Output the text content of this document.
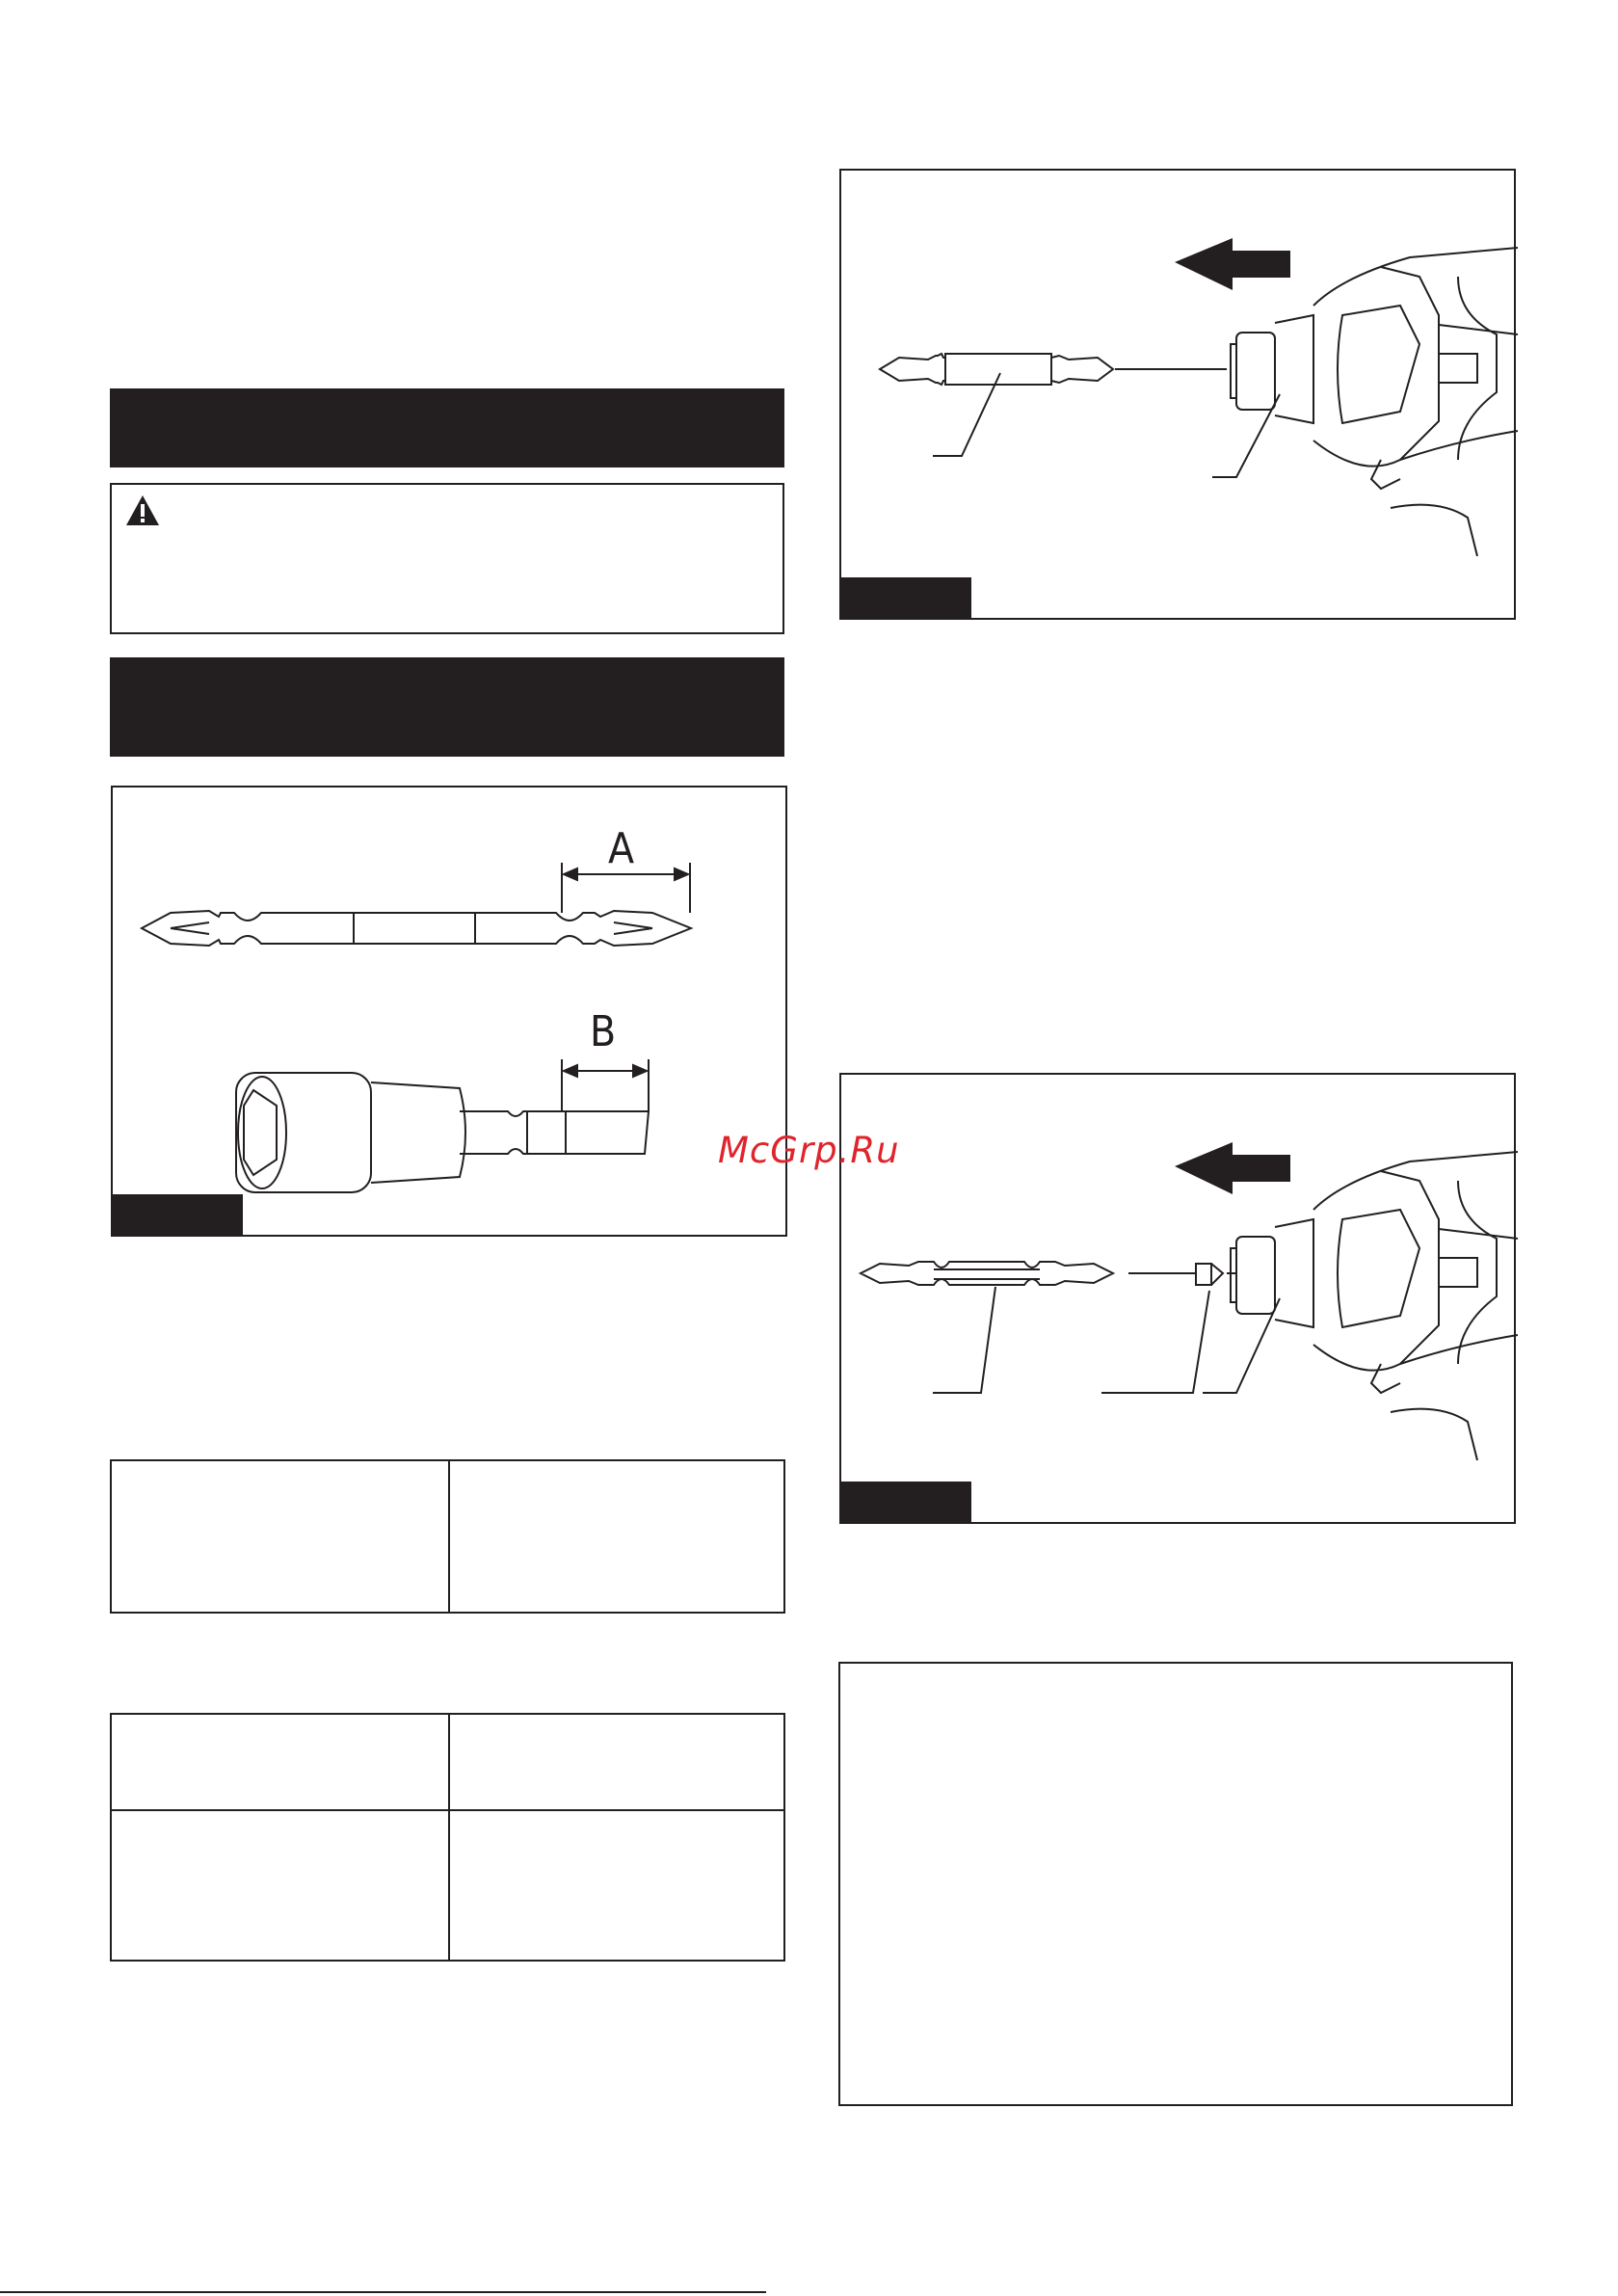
A
B

McGrp.Ru
